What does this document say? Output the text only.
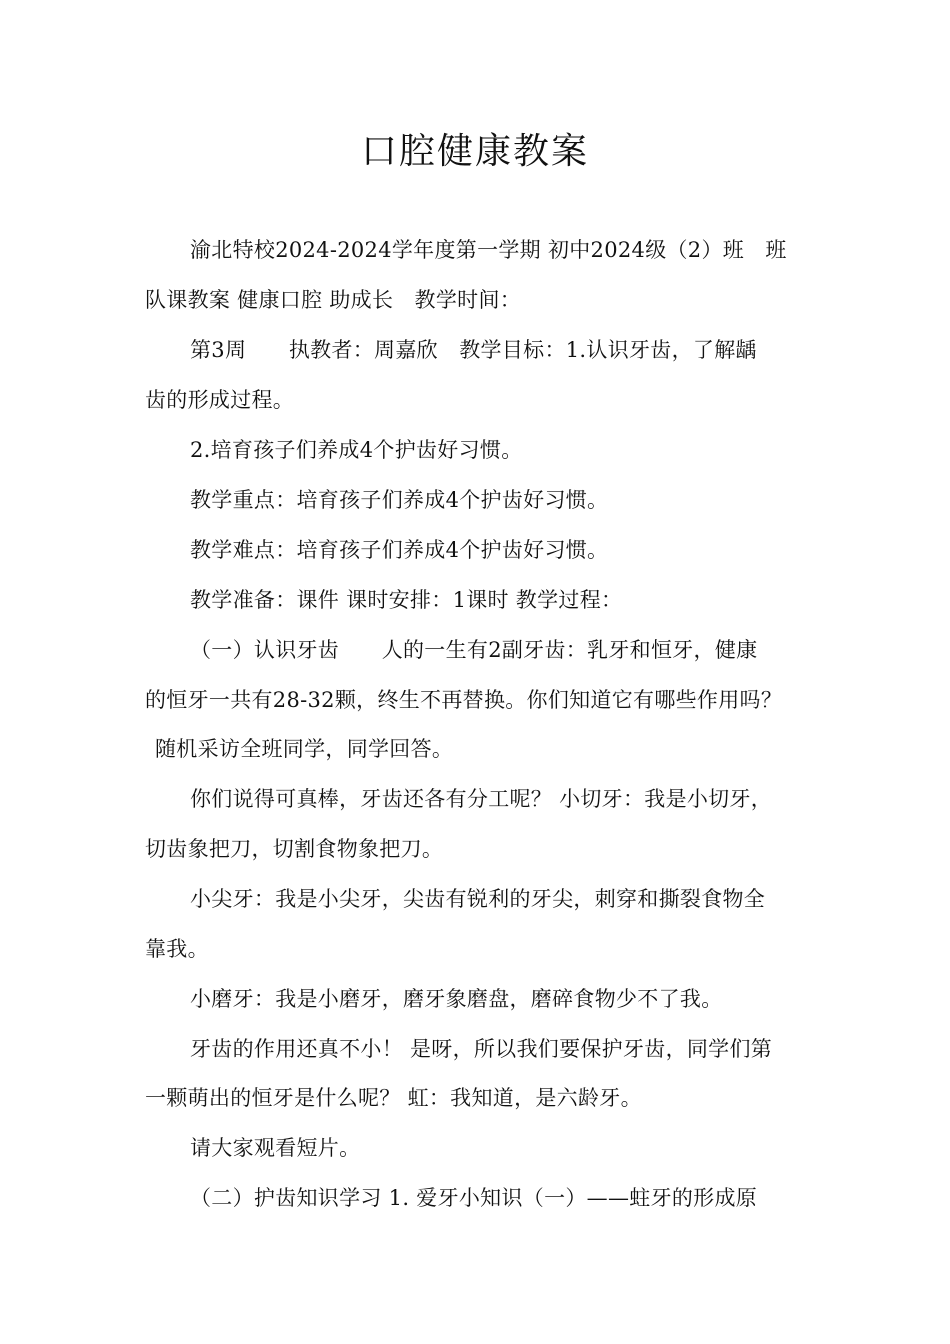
口腔健康教案
渝北特校2024-2024学年度第一学期 初中2024级（2）班　班
队课教案 健康口腔 助成长　教学时间：
第3周　　执教者：周嘉欣　教学目标：1.认识牙齿，了解龋
齿的形成过程。
2.培育孩子们养成4个护齿好习惯。
教学重点：培育孩子们养成4个护齿好习惯。
教学难点：培育孩子们养成4个护齿好习惯。
教学准备：课件 课时安排：1课时 教学过程：
（一）认识牙齿　　人的一生有2副牙齿：乳牙和恒牙，健康
的恒牙一共有28-32颗，终生不再替换。你们知道它有哪些作用吗？
随机采访全班同学，同学回答。
你们说得可真棒，牙齿还各有分工呢？ 小切牙：我是小切牙，
切齿象把刀，切割食物象把刀。
小尖牙：我是小尖牙，尖齿有锐利的牙尖，刺穿和撕裂食物全
靠我。
小磨牙：我是小磨牙，磨牙象磨盘，磨碎食物少不了我。
牙齿的作用还真不小！ 是呀，所以我们要保护牙齿，同学们第
一颗萌出的恒牙是什么呢？ 虹：我知道，是六龄牙。
请大家观看短片。
（二）护齿知识学习 1. 爱牙小知识（一）——蛀牙的形成原
